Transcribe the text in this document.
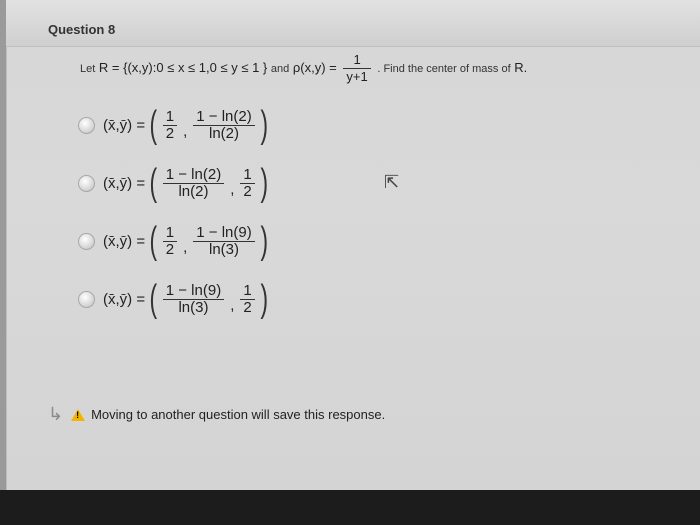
Question 8
Let R = {(x,y):0 ≤ x ≤ 1,0 ≤ y ≤ 1 } and $\rho(x,y) = \frac{1}{y+1}$ . Find the center of mass of R.
(x̄,ȳ) = ( $\frac{1}{2}$ , $\frac{1 - \ln(2)}{\ln(2)}$ )
(x̄,ȳ) = ( $\frac{1 - \ln(2)}{\ln(2)}$ , $\frac{1}{2}$ )
(x̄,ȳ) = ( $\frac{1}{2}$ , $\frac{1 - \ln(9)}{\ln(3)}$ )
(x̄,ȳ) = ( $\frac{1 - \ln(9)}{\ln(3)}$ , $\frac{1}{2}$ )
⇱
↳ ! Moving to another question will save this response.
